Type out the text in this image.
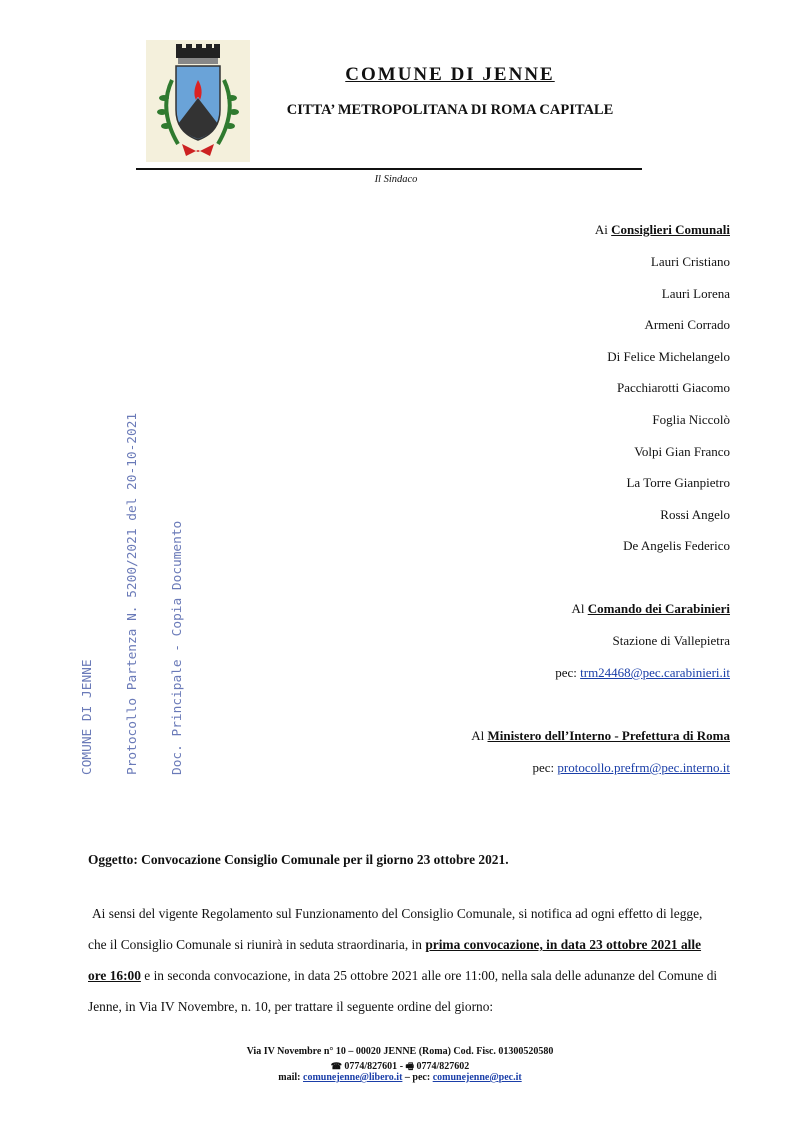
COMUNE DI JENNE
CITTA’ METROPOLITANA DI ROMA CAPITALE
Il Sindaco

COMUNE DI JENNE

Protocollo Partenza N. 5200/2021 del 20-10-2021

Doc. Principale - Copia Documento

Ai Consiglieri Comunali
Lauri Cristiano
Lauri Lorena
Armeni Corrado
Di Felice Michelangelo
Pacchiarotti Giacomo
Foglia Niccolò
Volpi Gian Franco
La Torre Gianpietro
Rossi Angelo
De Angelis Federico
Al Comando dei Carabinieri
Stazione di Vallepietra
pec: trm24468@pec.carabinieri.it
Al Ministero dell’Interno - Prefettura di Roma
pec: protocollo.prefrm@pec.interno.it
Oggetto: Convocazione Consiglio Comunale per il giorno 23 ottobre 2021.
Ai sensi del vigente Regolamento sul Funzionamento del Consiglio Comunale, si notifica ad ogni effetto di legge,
che il Consiglio Comunale si riunirà in seduta straordinaria, in prima convocazione, in data 23 ottobre 2021 alle
ore 16:00 e in seconda convocazione, in data 25 ottobre 2021 alle ore 11:00, nella sala delle adunanze del Comune di
Jenne, in Via IV Novembre, n. 10, per trattare il seguente ordine del giorno:
Via IV Novembre n° 10 – 00020 JENNE (Roma) Cod. Fisc. 01300520580
☎ 0774/827601 - 🖷 0774/827602
mail: comunejenne@libero.it – pec: comunejenne@pec.it
